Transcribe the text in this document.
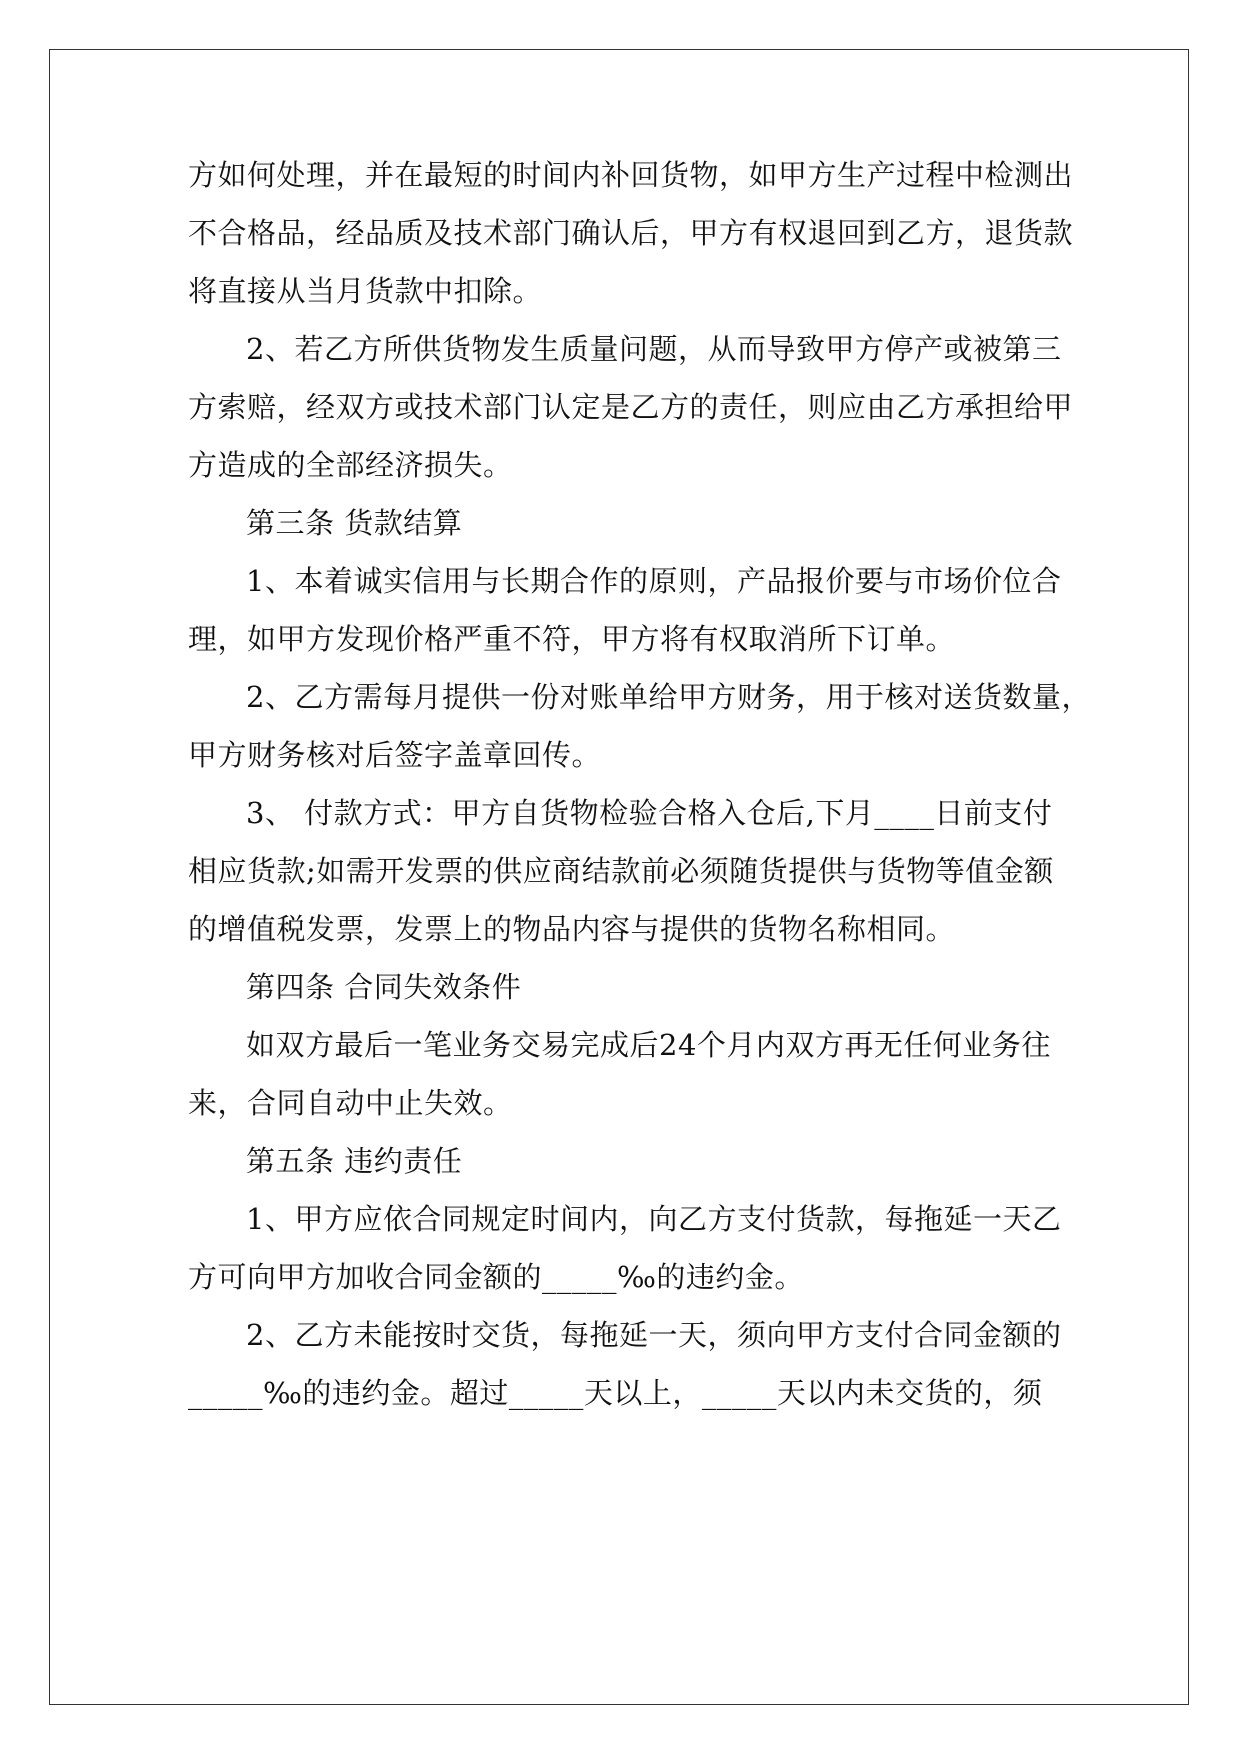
方如何处理，并在最短的时间内补回货物，如甲方生产过程中检测出
不合格品，经品质及技术部门确认后，甲方有权退回到乙方，退货款
将直接从当月货款中扣除。
2、若乙方所供货物发生质量问题，从而导致甲方停产或被第三
方索赔，经双方或技术部门认定是乙方的责任，则应由乙方承担给甲
方造成的全部经济损失。
第三条 货款结算
1、本着诚实信用与长期合作的原则，产品报价要与市场价位合
理，如甲方发现价格严重不符，甲方将有权取消所下订单。
2、乙方需每月提供一份对账单给甲方财务，用于核对送货数量，
甲方财务核对后签字盖章回传。
3、 付款方式：甲方自货物检验合格入仓后,下月____日前支付
相应货款;如需开发票的供应商结款前必须随货提供与货物等值金额
的增值税发票，发票上的物品内容与提供的货物名称相同。
第四条 合同失效条件
如双方最后一笔业务交易完成后24个月内双方再无任何业务往
来，合同自动中止失效。
第五条 违约责任
1、甲方应依合同规定时间内，向乙方支付货款，每拖延一天乙
方可向甲方加收合同金额的_____‰的违约金。
2、乙方未能按时交货，每拖延一天，须向甲方支付合同金额的
_____‰的违约金。超过_____天以上，_____天以内未交货的，须
